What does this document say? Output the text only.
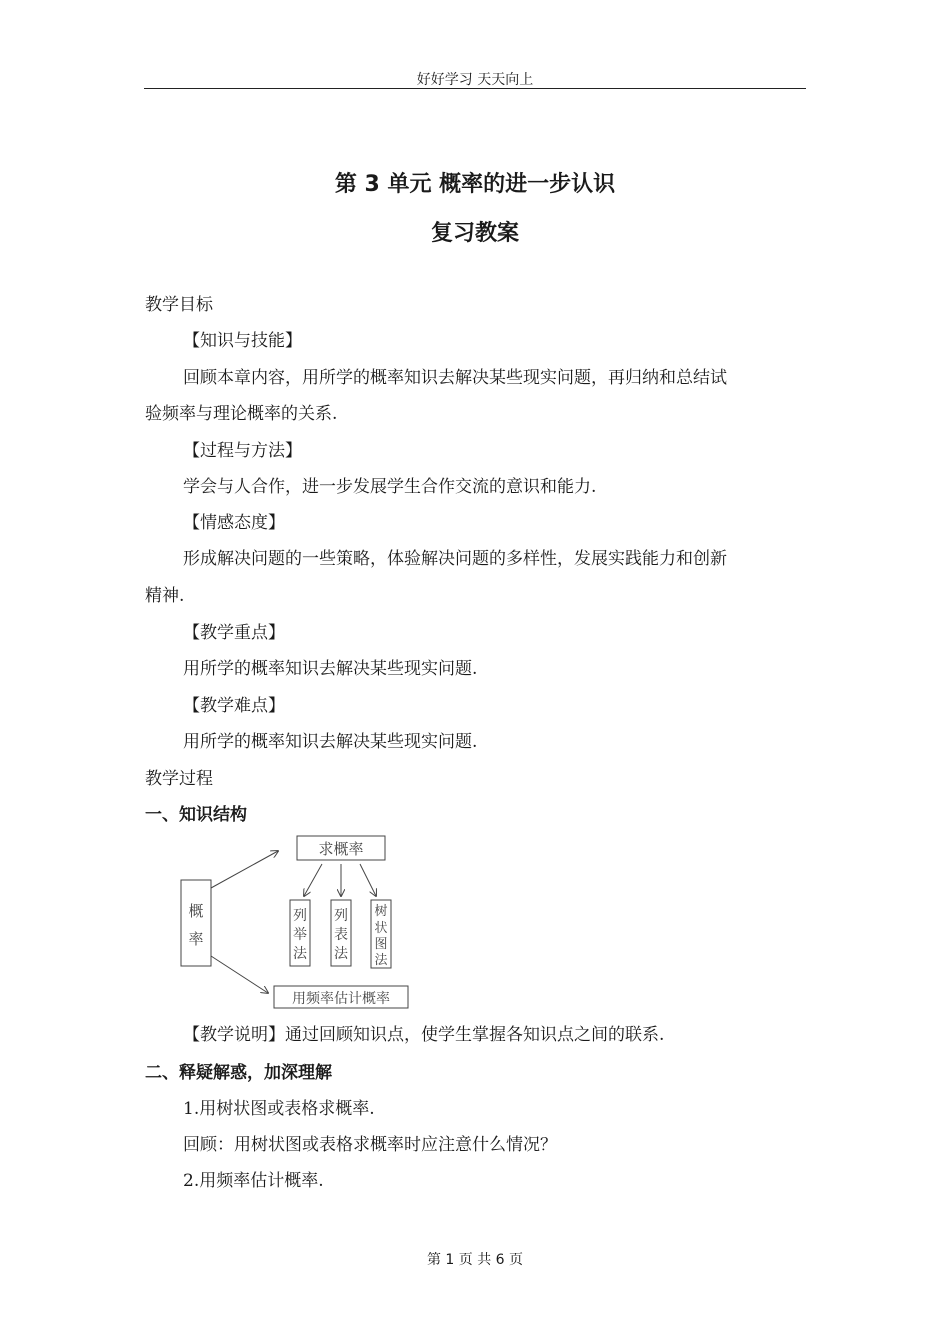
好好学习 天天向上
第 3 单元 概率的进一步认识
复习教案
教学目标
【知识与技能】
回顾本章内容，用所学的概率知识去解决某些现实问题，再归纳和总结试
验频率与理论概率的关系.
【过程与方法】
学会与人合作，进一步发展学生合作交流的意识和能力.
【情感态度】
形成解决问题的一些策略，体验解决问题的多样性，发展实践能力和创新
精神.
【教学重点】
用所学的概率知识去解决某些现实问题.
【教学难点】
用所学的概率知识去解决某些现实问题.
教学过程
一、知识结构
概
率
求概率
列
举
法
列
表
法
树
状
图
法
用频率估计概率
【教学说明】通过回顾知识点，使学生掌握各知识点之间的联系.
二、释疑解惑，加深理解
1.用树状图或表格求概率.
回顾：用树状图或表格求概率时应注意什么情况？
2.用频率估计概率.
第 1 页 共 6 页
